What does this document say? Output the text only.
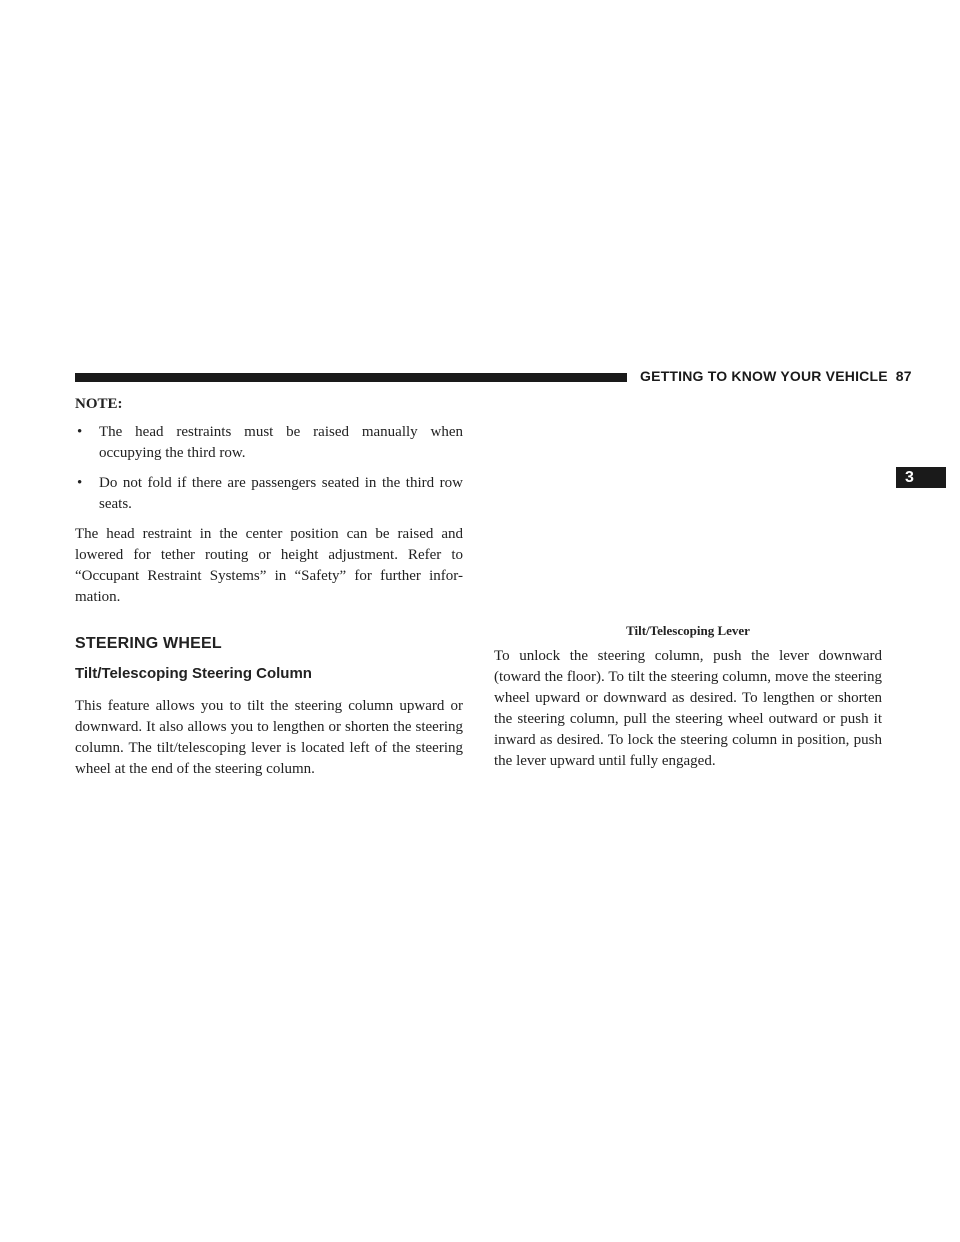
GETTING TO KNOW YOUR VEHICLE 87
3
NOTE:
• The head restraints must be raised manually when occupying the third row.
• Do not fold if there are passengers seated in the third row seats.

The head restraint in the center position can be raised and lowered for tether routing or height adjustment. Refer to “Occupant Restraint Systems” in “Safety” for further infor- mation.

STEERING WHEEL
Tilt/Telescoping Steering Column

This feature allows you to tilt the steering column upward or downward. It also allows you to lengthen or shorten the steering column. The tilt/telescoping lever is located left of the steering wheel at the end of the steering column.

Tilt/Telescoping Lever

To unlock the steering column, push the lever downward (toward the floor). To tilt the steering column, move the steering wheel upward or downward as desired. To lengthen or shorten the steering column, pull the steering wheel outward or push it inward as desired. To lock the steering column in position, push the lever upward until fully engaged.
